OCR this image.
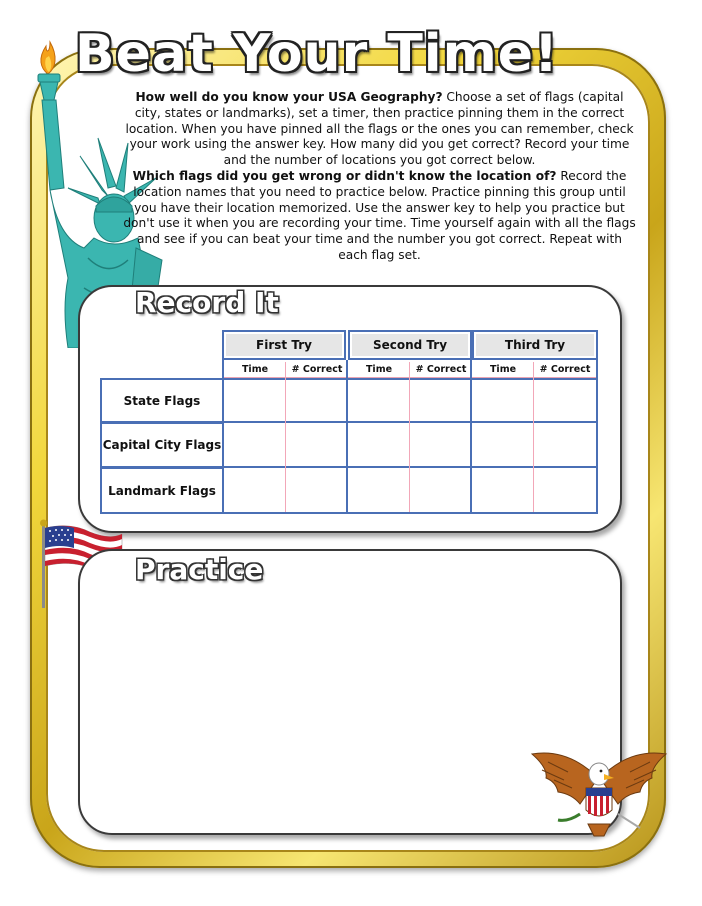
Beat Your Time!
How well do you know your USA Geography? Choose a set of flags (capital city, states or landmarks), set a timer, then practice pinning them in the correct location. When you have pinned all the flags or the ones you can remember, check your work using the answer key. How many did you get correct? Record your time and the number of locations you got correct below.
Which flags did you get wrong or didn't know the location of? Record the location names that you need to practice below. Practice pinning this group until you have their location memorized. Use the answer key to help you practice but don't use it when you are recording your time. Time yourself again with all the flags and see if you can beat your time and the number you got correct. Repeat with each flag set.
Record It
First Try	Second Try	Third Try
Time	# Correct	Time	# Correct	Time	# Correct
State Flags
Capital City Flags
Landmark Flags
Practice
